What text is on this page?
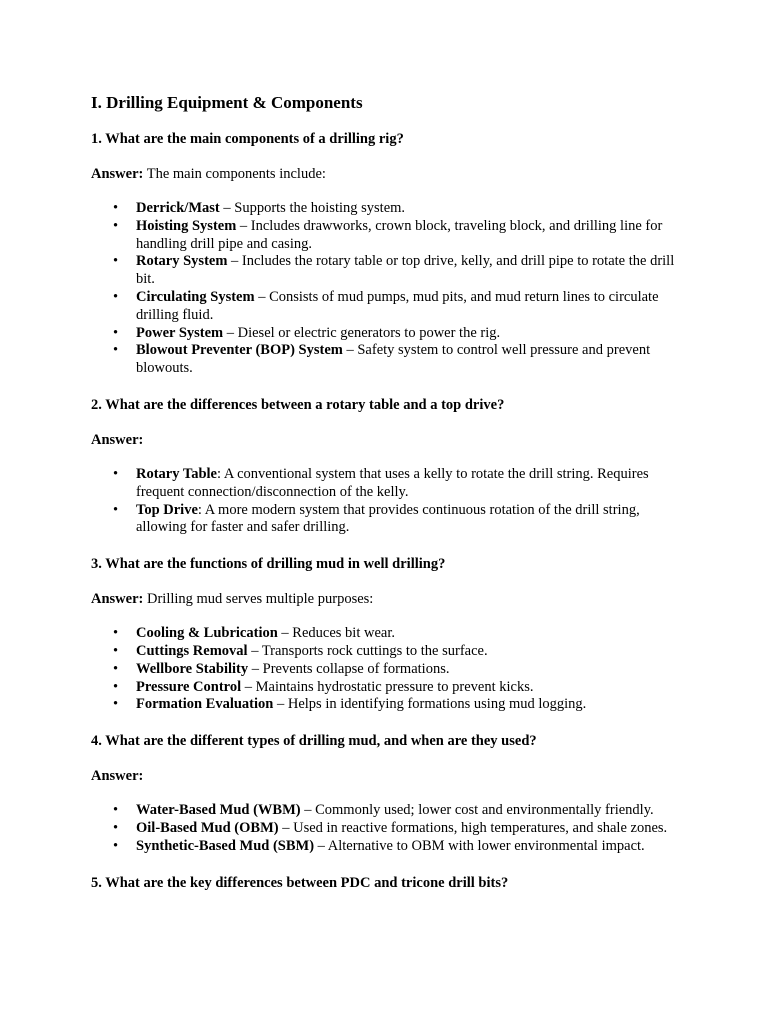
I. Drilling Equipment & Components

1. What are the main components of a drilling rig?

Answer: The main components include:

• Derrick/Mast – Supports the hoisting system.
• Hoisting System – Includes drawworks, crown block, traveling block, and drilling line for handling drill pipe and casing.
• Rotary System – Includes the rotary table or top drive, kelly, and drill pipe to rotate the drill bit.
• Circulating System – Consists of mud pumps, mud pits, and mud return lines to circulate drilling fluid.
• Power System – Diesel or electric generators to power the rig.
• Blowout Preventer (BOP) System – Safety system to control well pressure and prevent blowouts.

2. What are the differences between a rotary table and a top drive?

Answer:

• Rotary Table: A conventional system that uses a kelly to rotate the drill string. Requires frequent connection/disconnection of the kelly.
• Top Drive: A more modern system that provides continuous rotation of the drill string, allowing for faster and safer drilling.

3. What are the functions of drilling mud in well drilling?

Answer: Drilling mud serves multiple purposes:

• Cooling & Lubrication – Reduces bit wear.
• Cuttings Removal – Transports rock cuttings to the surface.
• Wellbore Stability – Prevents collapse of formations.
• Pressure Control – Maintains hydrostatic pressure to prevent kicks.
• Formation Evaluation – Helps in identifying formations using mud logging.

4. What are the different types of drilling mud, and when are they used?

Answer:

• Water-Based Mud (WBM) – Commonly used; lower cost and environmentally friendly.
• Oil-Based Mud (OBM) – Used in reactive formations, high temperatures, and shale zones.
• Synthetic-Based Mud (SBM) – Alternative to OBM with lower environmental impact.

5. What are the key differences between PDC and tricone drill bits?
